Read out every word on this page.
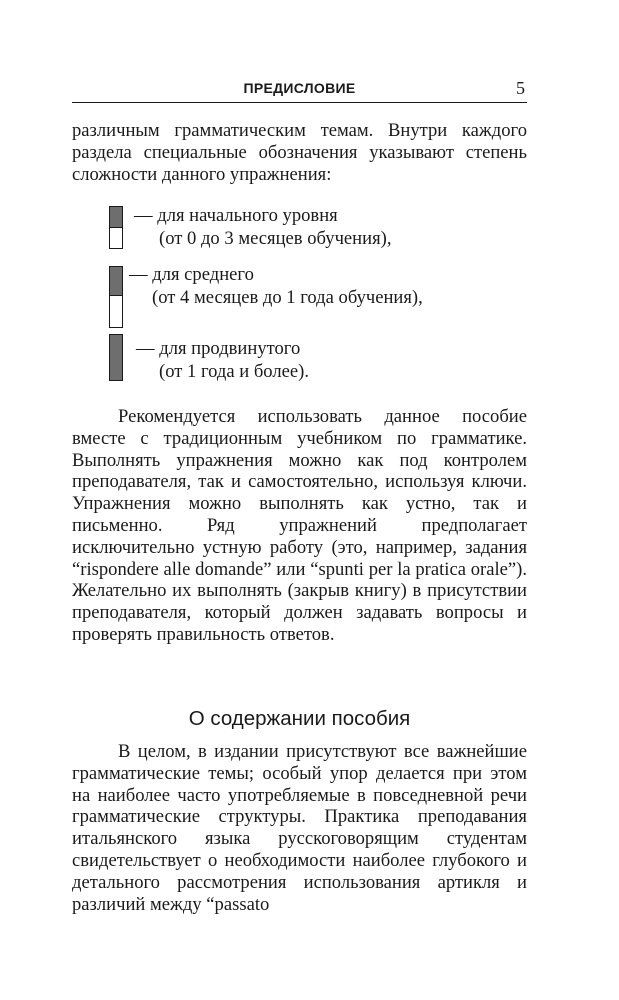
ПРЕДИСЛОВИЕ	5

различным грамматическим темам. Внутри каждого раздела специальные обозначения указывают степень сложности данного упражнения:

— для начального уровня
(от 0 до 3 месяцев обучения),
— для среднего
(от 4 месяцев до 1 года обучения),
— для продвинутого
(от 1 года и более).

Рекомендуется использовать данное пособие вместе с традиционным учебником по грамматике. Выполнять упражнения можно как под контролем преподавателя, так и самостоятельно, используя ключи. Упражнения можно выполнять как устно, так и письменно. Ряд упражнений предполагает исключительно устную работу (это, например, задания “rispondere alle domande” или “spunti per la pratica orale”). Желательно их выполнять (закрыв книгу) в присутствии преподавателя, который должен задавать вопросы и проверять правильность ответов.

О содержании пособия

В целом, в издании присутствуют все важнейшие грамматические темы; особый упор делается при этом на наиболее часто употребляемые в повседневной речи грамматические структуры. Практика преподавания итальянского языка русскоговорящим студентам свидетельствует о необходимости наиболее глубокого и детального рассмотрения использования артикля и различий между “passato
